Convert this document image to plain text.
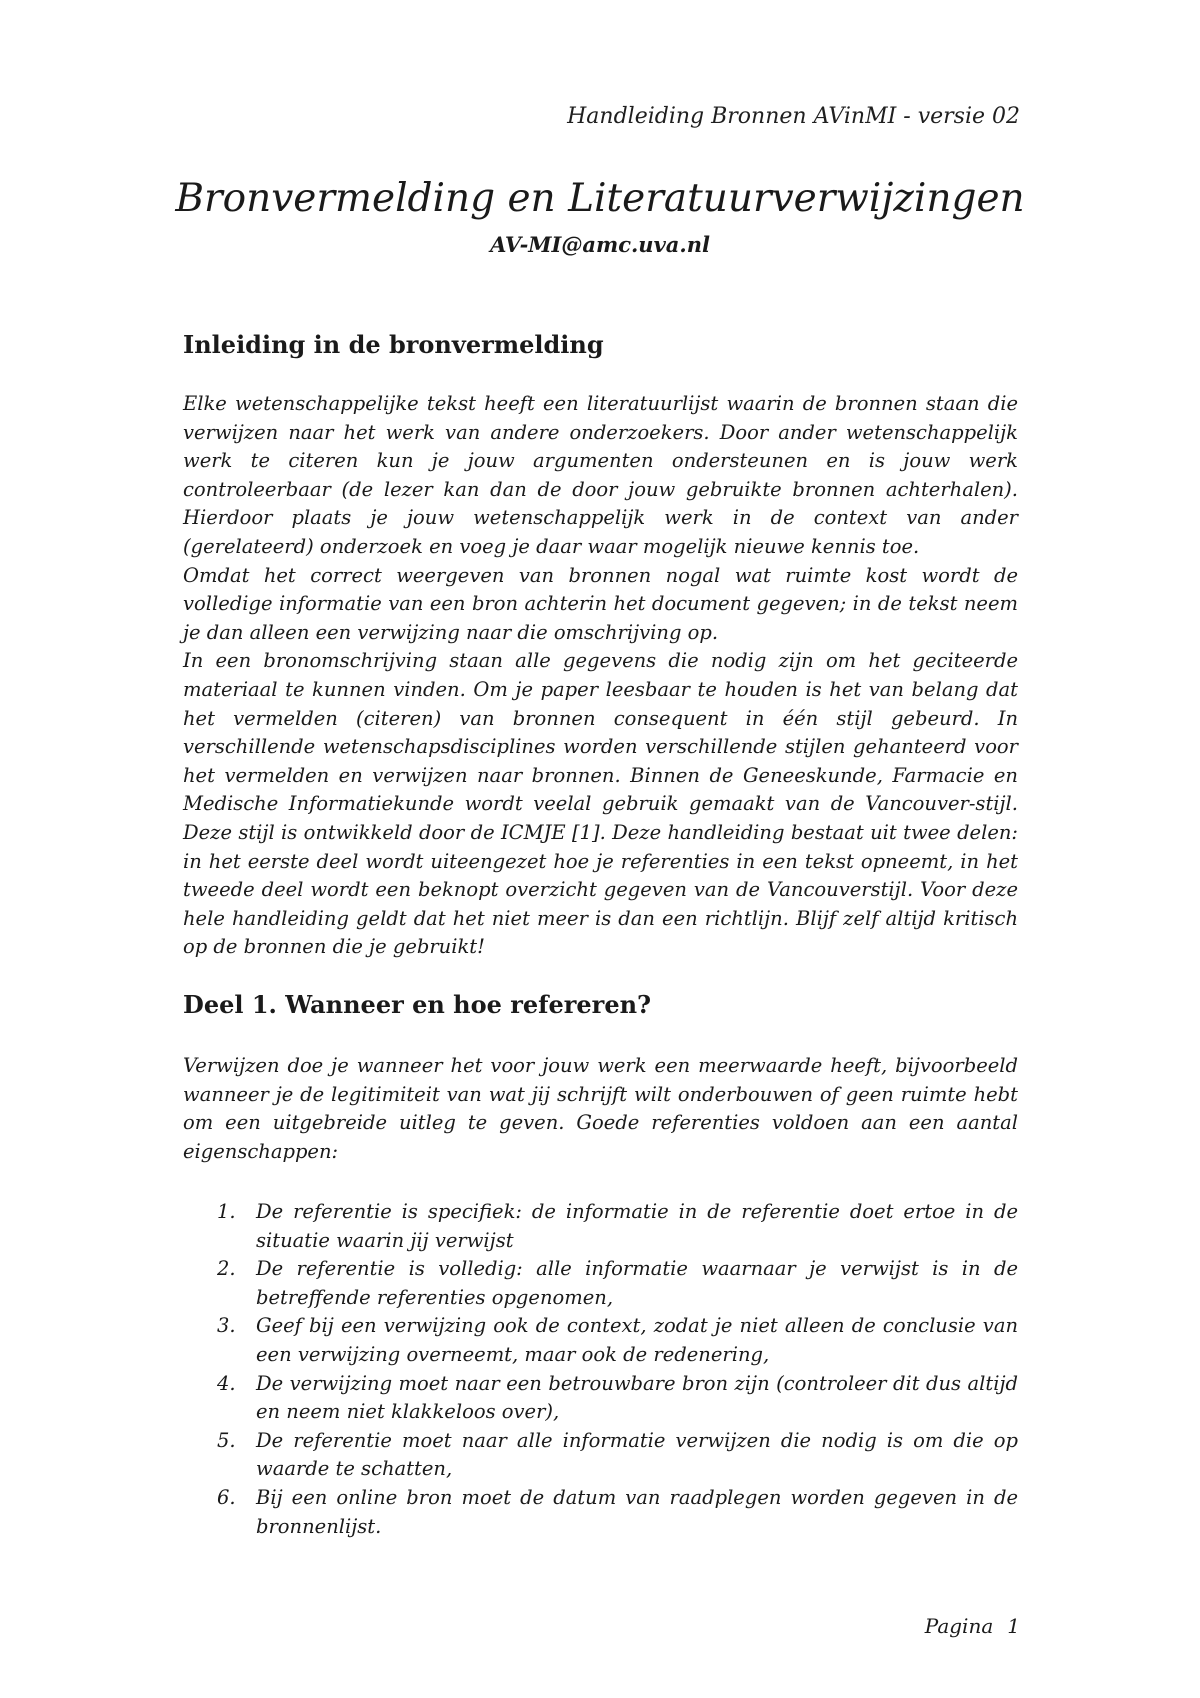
Handleiding Bronnen AVinMI - versie 02
Bronvermelding en Literatuurverwijzingen
AV-MI@amc.uva.nl
Inleiding in de bronvermelding

Elke wetenschappelijke tekst heeft een literatuurlijst waarin de bronnen staan die verwijzen naar het werk van andere onderzoekers. Door ander wetenschappelijk werk te citeren kun je jouw argumenten ondersteunen en is jouw werk controleerbaar (de lezer kan dan de door jouw gebruikte bronnen achterhalen). Hierdoor plaats je jouw wetenschappelijk werk in de context van ander (gerelateerd) onderzoek en voeg je daar waar mogelijk nieuwe kennis toe.

Omdat het correct weergeven van bronnen nogal wat ruimte kost wordt de volledige informatie van een bron achterin het document gegeven; in de tekst neem je dan alleen een verwijzing naar die omschrijving op.

In een bronomschrijving staan alle gegevens die nodig zijn om het geciteerde materiaal te kunnen vinden. Om je paper leesbaar te houden is het van belang dat het vermelden (citeren) van bronnen consequent in één stijl gebeurd. In verschillende wetenschapsdisciplines worden verschillende stijlen gehanteerd voor het vermelden en verwijzen naar bronnen. Binnen de Geneeskunde, Farmacie en Medische Informatiekunde wordt veelal gebruik gemaakt van de Vancouver-stijl. Deze stijl is ontwikkeld door de ICMJE [1]. Deze handleiding bestaat uit twee delen: in het eerste deel wordt uiteengezet hoe je referenties in een tekst opneemt, in het tweede deel wordt een beknopt overzicht gegeven van de Vancouverstijl. Voor deze hele handleiding geldt dat het niet meer is dan een richtlijn. Blijf zelf altijd kritisch op de bronnen die je gebruikt!

Deel 1. Wanneer en hoe refereren?

Verwijzen doe je wanneer het voor jouw werk een meerwaarde heeft, bijvoorbeeld wanneer je de legitimiteit van wat jij schrijft wilt onderbouwen of geen ruimte hebt om een uitgebreide uitleg te geven. Goede referenties voldoen aan een aantal eigenschappen:

1. De referentie is specifiek: de informatie in de referentie doet ertoe in de situatie waarin jij verwijst
2. De referentie is volledig: alle informatie waarnaar je verwijst is in de betreffende referenties opgenomen,
3. Geef bij een verwijzing ook de context, zodat je niet alleen de conclusie van een verwijzing overneemt, maar ook de redenering,
4. De verwijzing moet naar een betrouwbare bron zijn (controleer dit dus altijd en neem niet klakkeloos over),
5. De referentie moet naar alle informatie verwijzen die nodig is om die op waarde te schatten,
6. Bij een online bron moet de datum van raadplegen worden gegeven in de bronnenlijst.
Pagina 1
